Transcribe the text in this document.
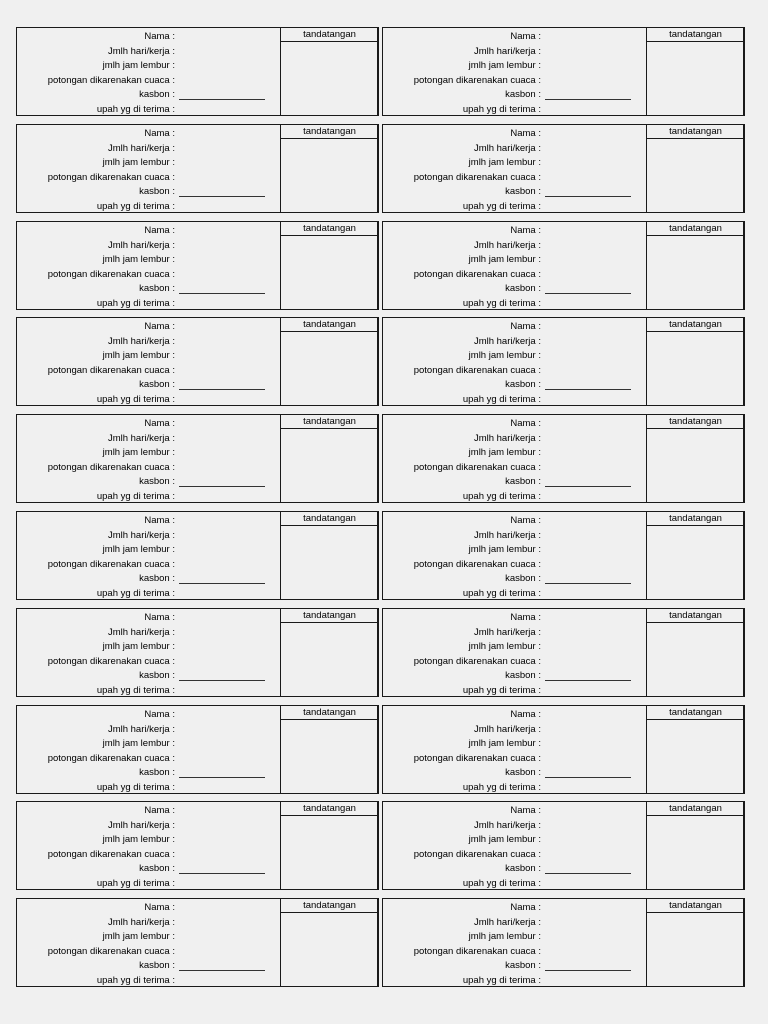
Nama :
Jmlh hari/kerja :
jmlh jam lembur :
potongan dikarenakan cuaca :
kasbon :
upah yg di terima :
tandatangan	Nama :
Jmlh hari/kerja :
jmlh jam lembur :
potongan dikarenakan cuaca :
kasbon :
upah yg di terima :
tandatangan
Nama :
Jmlh hari/kerja :
jmlh jam lembur :
potongan dikarenakan cuaca :
kasbon :
upah yg di terima :
tandatangan	Nama :
Jmlh hari/kerja :
jmlh jam lembur :
potongan dikarenakan cuaca :
kasbon :
upah yg di terima :
tandatangan
Nama :
Jmlh hari/kerja :
jmlh jam lembur :
potongan dikarenakan cuaca :
kasbon :
upah yg di terima :
tandatangan	Nama :
Jmlh hari/kerja :
jmlh jam lembur :
potongan dikarenakan cuaca :
kasbon :
upah yg di terima :
tandatangan
Nama :
Jmlh hari/kerja :
jmlh jam lembur :
potongan dikarenakan cuaca :
kasbon :
upah yg di terima :
tandatangan	Nama :
Jmlh hari/kerja :
jmlh jam lembur :
potongan dikarenakan cuaca :
kasbon :
upah yg di terima :
tandatangan
Nama :
Jmlh hari/kerja :
jmlh jam lembur :
potongan dikarenakan cuaca :
kasbon :
upah yg di terima :
tandatangan	Nama :
Jmlh hari/kerja :
jmlh jam lembur :
potongan dikarenakan cuaca :
kasbon :
upah yg di terima :
tandatangan
Nama :
Jmlh hari/kerja :
jmlh jam lembur :
potongan dikarenakan cuaca :
kasbon :
upah yg di terima :
tandatangan	Nama :
Jmlh hari/kerja :
jmlh jam lembur :
potongan dikarenakan cuaca :
kasbon :
upah yg di terima :
tandatangan
Nama :
Jmlh hari/kerja :
jmlh jam lembur :
potongan dikarenakan cuaca :
kasbon :
upah yg di terima :
tandatangan	Nama :
Jmlh hari/kerja :
jmlh jam lembur :
potongan dikarenakan cuaca :
kasbon :
upah yg di terima :
tandatangan
Nama :
Jmlh hari/kerja :
jmlh jam lembur :
potongan dikarenakan cuaca :
kasbon :
upah yg di terima :
tandatangan	Nama :
Jmlh hari/kerja :
jmlh jam lembur :
potongan dikarenakan cuaca :
kasbon :
upah yg di terima :
tandatangan
Nama :
Jmlh hari/kerja :
jmlh jam lembur :
potongan dikarenakan cuaca :
kasbon :
upah yg di terima :
tandatangan	Nama :
Jmlh hari/kerja :
jmlh jam lembur :
potongan dikarenakan cuaca :
kasbon :
upah yg di terima :
tandatangan
Nama :
Jmlh hari/kerja :
jmlh jam lembur :
potongan dikarenakan cuaca :
kasbon :
upah yg di terima :
tandatangan	Nama :
Jmlh hari/kerja :
jmlh jam lembur :
potongan dikarenakan cuaca :
kasbon :
upah yg di terima :
tandatangan
